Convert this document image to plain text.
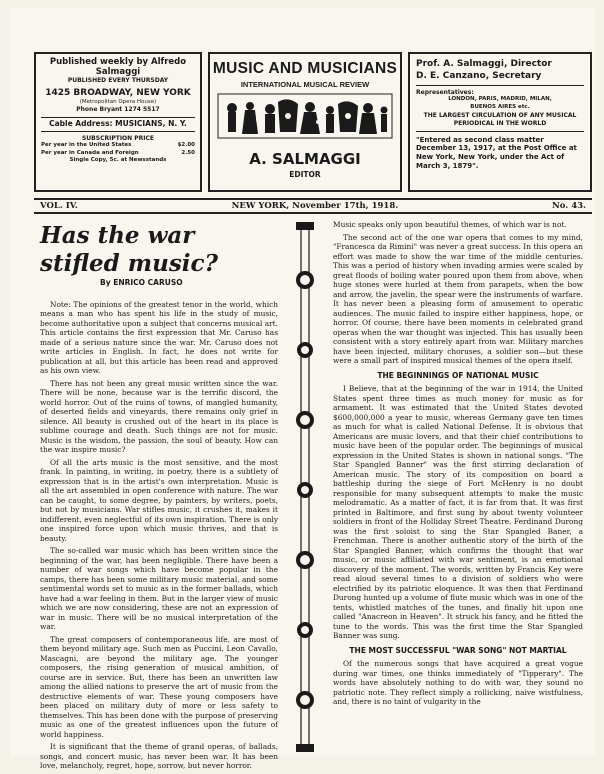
Published weekly by Alfredo Salmaggi
PUBLISHED EVERY THURSDAY
1425 BROADWAY, NEW YORK
(Metropolitan Opera House)
Phone Bryant 1274 5517
Cable Address: MUSICIANS, N. Y.
SUBSCRIPTION PRICE
Per year in the United States	$2.00
Per year in Canada and Foreign	2.50
Single Copy, 5c. at Newsstands
MUSIC AND MUSICIANS
INTERNATIONAL MUSICAL REVIEW
A. SALMAGGI
EDITOR
Prof. A. Salmaggi, Director
D. E. Canzano, Secretary
Representatives:
LONDON, PARIS, MADRID, MILAN,
BUENOS AIRES etc.
THE LARGEST CIRCULATION OF ANY MUSICAL PERIODICAL IN THE WORLD
"Entered as second class matter December 13, 1917, at the Post Office at New York, New York, under the Act of March 3, 1879".
VOL. IV.	NEW YORK, November 17th, 1918.	No. 43.
Has the war stifled music?
By ENRICO CARUSO

Note: The opinions of the greatest tenor in the world, which means a man who has spent his life in the study of music, become authoritative upon a subject that concerns musical art. This article contains the first expression that Mr. Caruso has made of a serious nature since the war. Mr. Caruso does not write articles in English. In fact, he does not write for publication at all, but this article has been read and approved as his own view.

There has not been any great music written since the war. There will be none, because war is the terrific discord, the world horror. Out of the ruins of towns, of mangled humanity, of deserted fields and vineyards, there remains only grief in silence. All beauty is crushed out of the heart in its place is sublime courage and death. Such things are not for music. Music is the wisdom, the passion, the soul of beauty. How can the war inspire music?

Of all the arts music is the most sensitive, and the most frank. In painting, in writing, in poetry, there is a subtlety of expression that is in the artist's own interpretation. Music is all the art assembled in open conference with nature. The war can be caught, to some degree, by painters, by writers, poets, but not by musicians. War stifles music, it crushes it, makes it indifferent, even neglectful of its own inspiration. There is only one inspired force upon which music thrives, and that is beauty.

The so-called war music which has been written since the beginning of the war, has been negligible. There have been a number of war songs which have become popular in the camps, there has been some military music material, and some sentimental words set to music as in the former ballads, which have had a war feeling in them. But in the larger view of music which we are now considering, these are not an expression of war in music. There will be no musical interpretation of the war.

The great composers of contemporaneous life, are most of them beyond military age. Such men as Puccini, Leon Cavallo, Mascagni, are beyond the military age. The younger composers, the rising generation of musical ambition, of course are in service. But, there has been an unwritten law among the allied nations to preserve the art of music from the destructive elements of war. These young composers have been placed on military duty of more or less safety to themselves. This has been done with the purpose of preserving music as one of the greatest influences upon the future of world happiness.

It is significant that the theme of grand operas, of ballads, songs, and concert music, has never been war. It has been love, melancholy, regret, hope, sorrow, but never horror.

Music speaks only upon beautiful themes, of which war is not.

The second act of the one war opera that comes to my mind, "Francesca da Rimini" was never a great success. In this opera an effort was made to show the war time of the middle centuries. This was a period of history when invading armies were scaled by great floods of boiling water poured upon them from above, when huge stones were hurled at them from parapets, when the bow and arrow, the javelin, the spear were the instruments of warfare. It has never been a pleasing form of amusement to operatic audiences. The music failed to inspire either happiness, hope, or horror. Of course, there have been moments in celebrated grand operas when the war thought was injected. This has usually been consistent with a story entirely apart from war. Military marches have been injected, military choruses, a soldier son—but these were a small part of inspired musical themes of the opera itself.

THE BEGINNINGS OF NATIONAL MUSIC

I Believe, that at the beginning of the war in 1914, the United States spent three times as much money for music as for armament. It was estimated that the United States devoted $600,000,000 a year to music, whereas Germany gave ten times as much for what is called National Defense. It is obvious that Americans are music lovers, and that their chief contributions to music have been of the popular order. The beginnings of musical expression in the United States is shown in national songs. "The Star Spangled Banner" was the first stirring declaration of American music. The story of its composition on board a battleship during the siege of Fort McHenry is no doubt responsible for many subsequent attempts to make the music melodramatic. As a matter of fact, it is far from that. It was first printed in Baltimore, and first sung by about twenty volunteer soldiers in front of the Holliday Street Theatre. Ferdinand Durong was the first soloist to sing the Star Spangled Baner, a Frenchman. There is another authentic story of the birth of the Star Spangled Banner, which confirms the thought that war music, or music affiliated with war sentiment, is an emotional discovery of the moment. The words, written by Francis Key were read aloud several times to a division of soldiers who were electrified by its patriotic eloquence. It was then that Ferdinand Durong hunted up a volume of flute music which was in one of the tents, whistled matches of the tunes, and finally hit upon one called "Anacreon in Heaven". It struck his fancy, and he fitted the tune to the words. This was the first time the Star Spangled Banner was sung.

THE MOST SUCCESSFUL "WAR SONG" NOT MARTIAL

Of the numerous songs that have acquired a great vogue during war times, one thinks immediately of "Tipperary". The words have absolutely nothing to do with war, they sound no patriotic note. They reflect simply a rollicking, naive wistfulness, and, there is no taint of vulgarity in the
